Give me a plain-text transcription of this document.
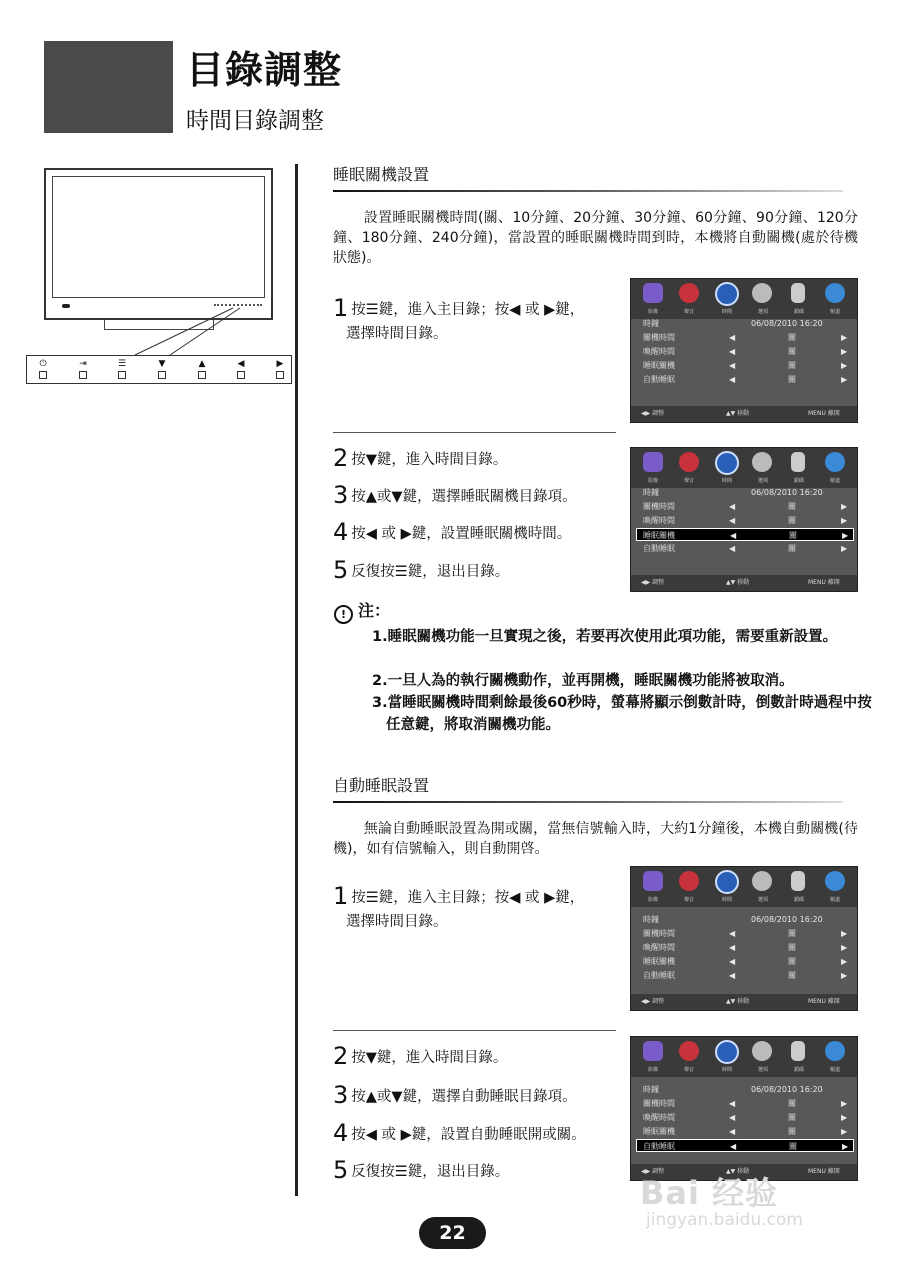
目錄調整
時間目錄調整
⏻	⇥	☰	▼	▲	◀	▶
睡眠關機設置
設置睡眠關機時間(關、10分鐘、20分鐘、30分鐘、60分鐘、90分鐘、120分鐘、180分鐘、240分鐘)，當設置的睡眠關機時間到時，本機將自動關機(處於待機狀態)。
1 按☰鍵，進入主目錄；按◀ 或 ▶鍵，
選擇時間目錄。
2 按▼鍵，進入時間目錄。
3 按▲或▼鍵，選擇睡眠關機目錄項。
4 按◀ 或 ▶鍵，設置睡眠關機時間。
5 反復按☰鍵，退出目錄。
影像	聲音	時間	選項	鎖碼	頻道
時鐘	06/08/2010 16:20
關機時間	◀	關	▶
喚醒時間	◀	關	▶
睡眠關機	◀	關	▶
自動睡眠	◀	關	▶
◀▶ 調整	▲▼ 移動	MENU 離開
影像	聲音	時間	選項	鎖碼	頻道
時鐘	06/08/2010 16:20
關機時間	◀	關	▶
喚醒時間	◀	關	▶
睡眠關機	◀	關	▶
自動睡眠	◀	關	▶
◀▶ 調整	▲▼ 移動	MENU 離開
! 注：
1.睡眠關機功能一旦實現之後，若要再次使用此項功能，需要重新設置。
2.一旦人為的執行關機動作，並再開機，睡眠關機功能將被取消。
3.當睡眠關機時間剩餘最後60秒時，螢幕將顯示倒數計時，倒數計時過程中按任意鍵，將取消關機功能。
自動睡眠設置
無論自動睡眠設置為開或關，當無信號輸入時，大約1分鐘後，本機自動關機(待機)，如有信號輸入，則自動開啓。
1 按☰鍵，進入主目錄；按◀ 或 ▶鍵，
選擇時間目錄。
2 按▼鍵，進入時間目錄。
3 按▲或▼鍵，選擇自動睡眠目錄項。
4 按◀ 或 ▶鍵，設置自動睡眠開或關。
5 反復按☰鍵，退出目錄。
影像	聲音	時間	選項	鎖碼	頻道
時鐘	06/08/2010 16:20
關機時間	◀	關	▶
喚醒時間	◀	關	▶
睡眠關機	◀	關	▶
自動睡眠	◀	關	▶
◀▶ 調整	▲▼ 移動	MENU 離開
影像	聲音	時間	選項	鎖碼	頻道
時鐘	06/08/2010 16:20
關機時間	◀	關	▶
喚醒時間	◀	關	▶
睡眠關機	◀	關	▶
自動睡眠	◀	關	▶
◀▶ 調整	▲▼ 移動	MENU 離開
Bai 经验
jingyan.baidu.com
22
